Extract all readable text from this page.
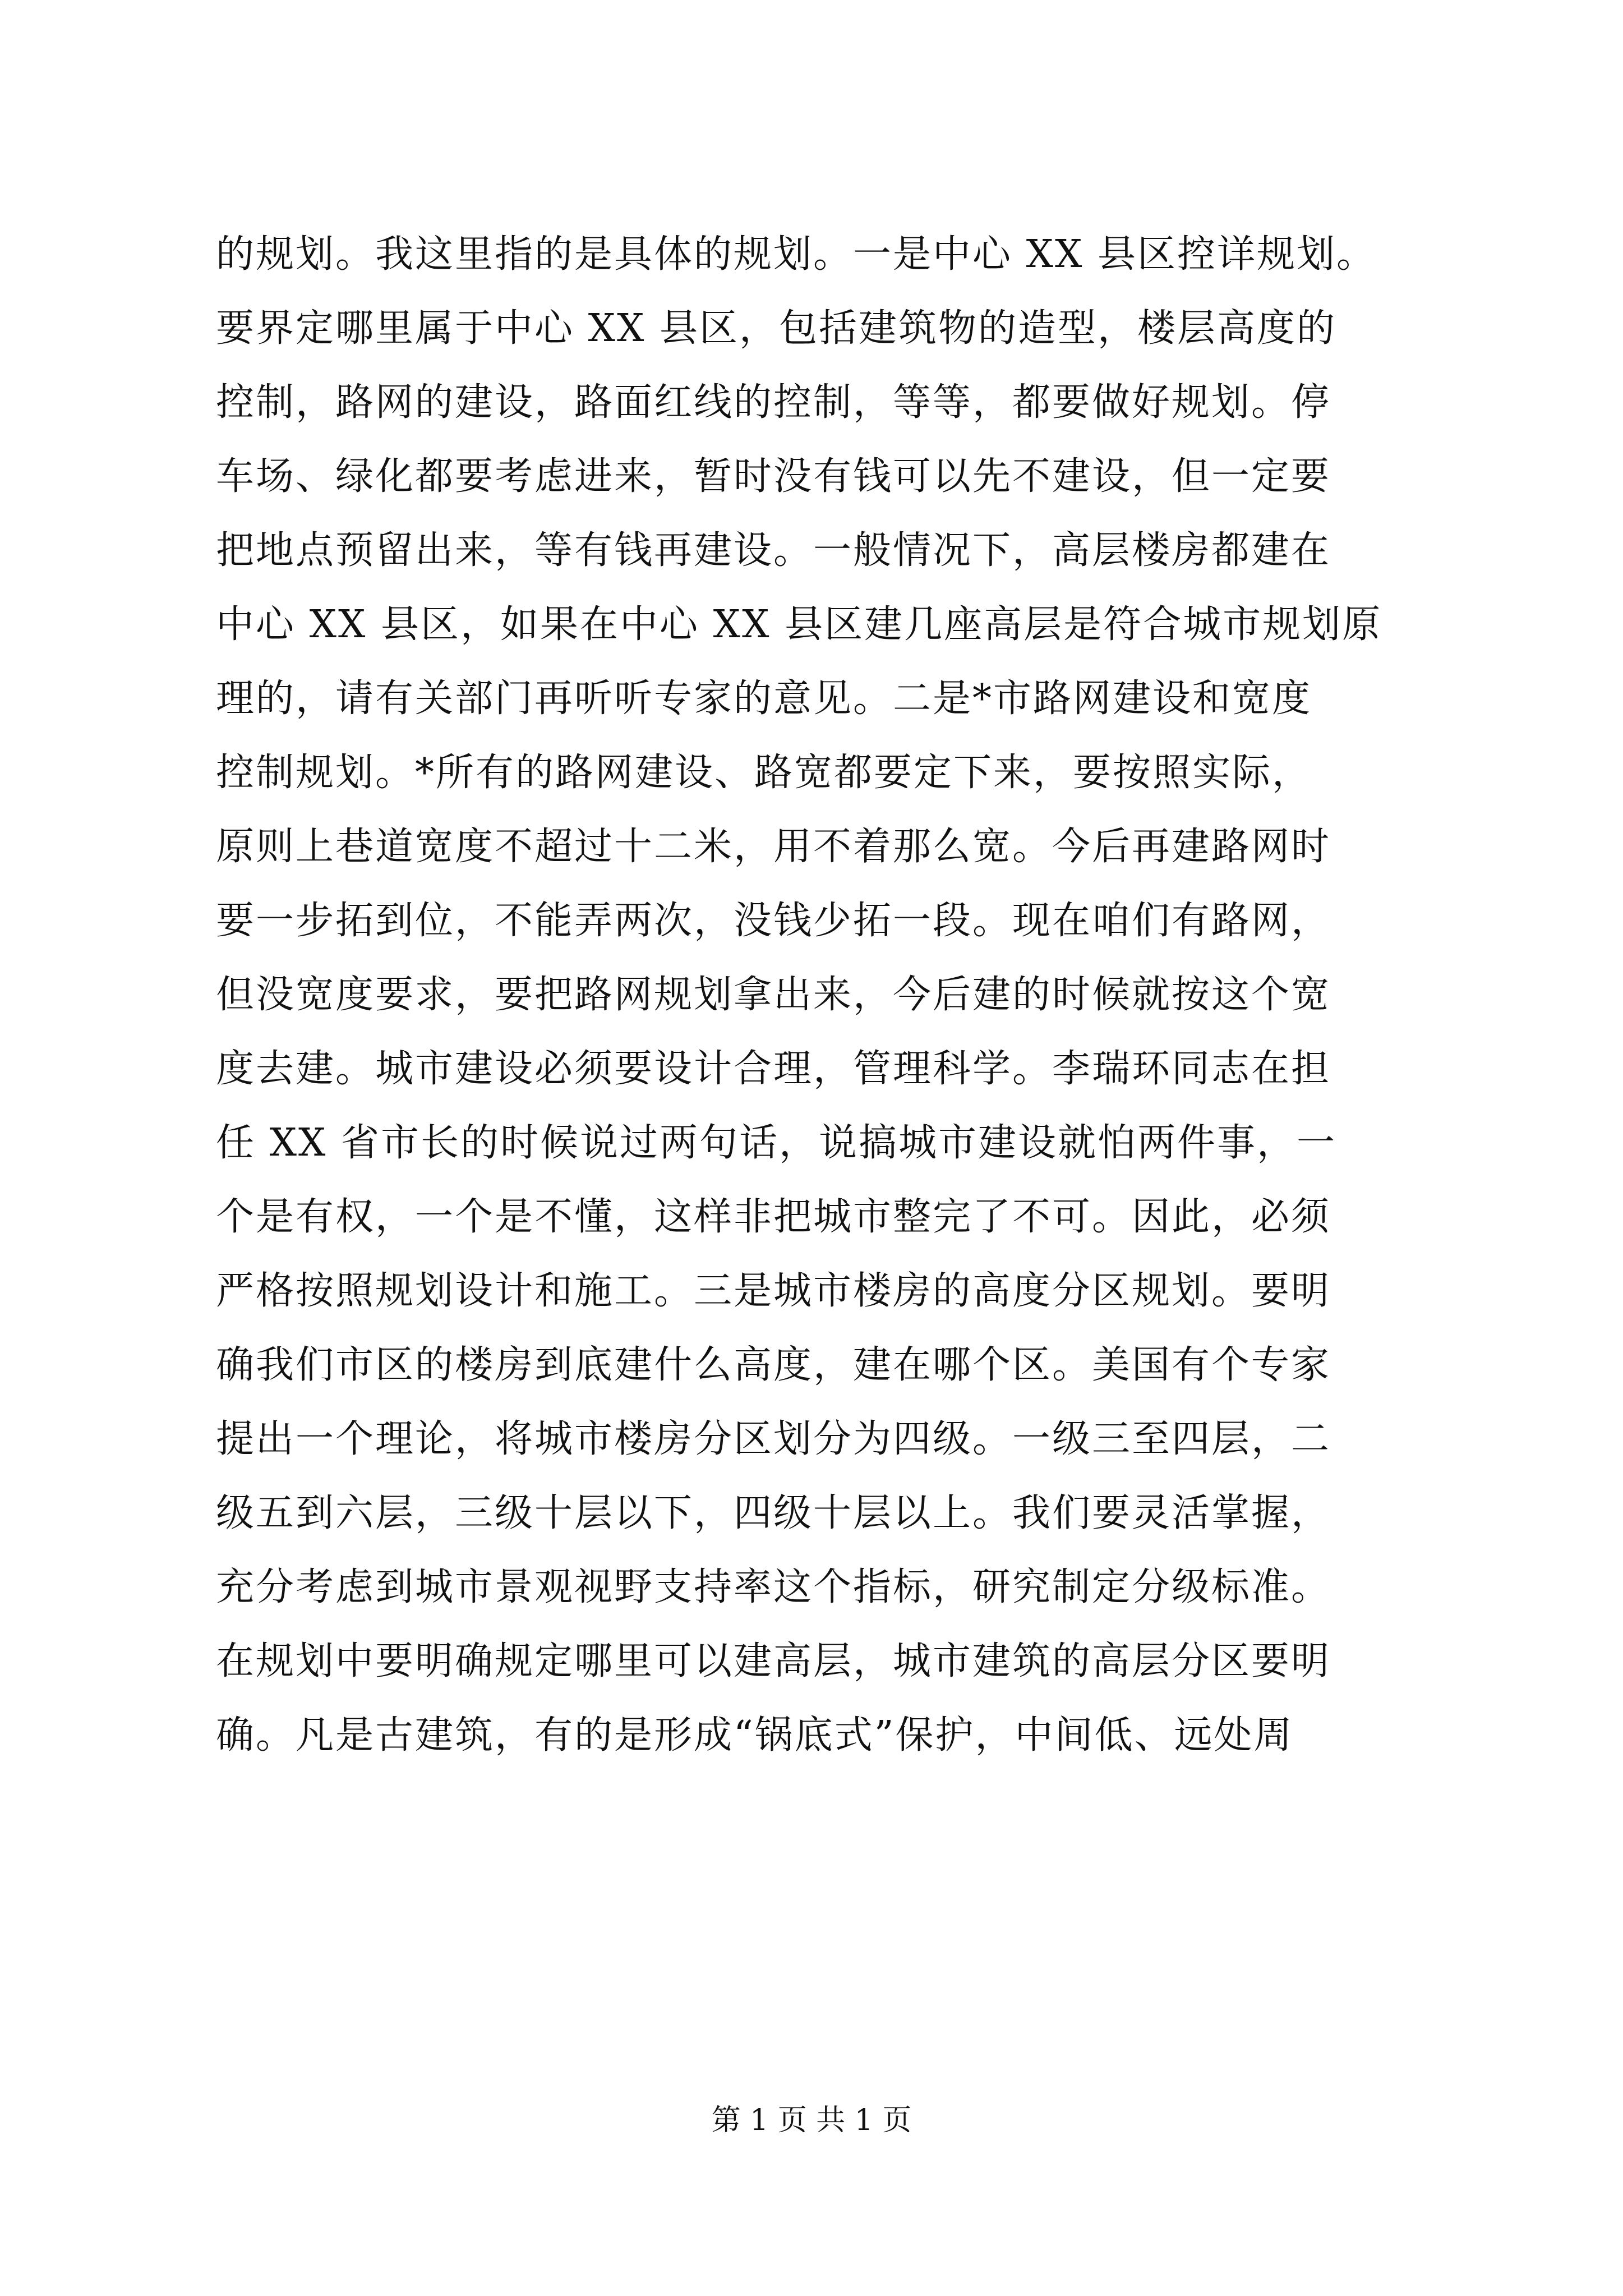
的规划。我这里指的是具体的规划。一是中心 XX 县区控详规划。
要界定哪里属于中心 XX 县区，包括建筑物的造型，楼层高度的
控制，路网的建设，路面红线的控制，等等，都要做好规划。停
车场、绿化都要考虑进来，暂时没有钱可以先不建设，但一定要
把地点预留出来，等有钱再建设。一般情况下，高层楼房都建在
中心 XX 县区，如果在中心 XX 县区建几座高层是符合城市规划原
理的，请有关部门再听听专家的意见。二是*市路网建设和宽度
控制规划。*所有的路网建设、路宽都要定下来，要按照实际，
原则上巷道宽度不超过十二米，用不着那么宽。今后再建路网时
要一步拓到位，不能弄两次，没钱少拓一段。现在咱们有路网，
但没宽度要求，要把路网规划拿出来，今后建的时候就按这个宽
度去建。城市建设必须要设计合理，管理科学。李瑞环同志在担
任 XX 省市长的时候说过两句话，说搞城市建设就怕两件事，一
个是有权，一个是不懂，这样非把城市整完了不可。因此，必须
严格按照规划设计和施工。三是城市楼房的高度分区规划。要明
确我们市区的楼房到底建什么高度，建在哪个区。美国有个专家
提出一个理论，将城市楼房分区划分为四级。一级三至四层，二
级五到六层，三级十层以下，四级十层以上。我们要灵活掌握，
充分考虑到城市景观视野支持率这个指标，研究制定分级标准。
在规划中要明确规定哪里可以建高层，城市建筑的高层分区要明
确。凡是古建筑，有的是形成“锅底式”保护，中间低、远处周
第 1 页 共 1 页
